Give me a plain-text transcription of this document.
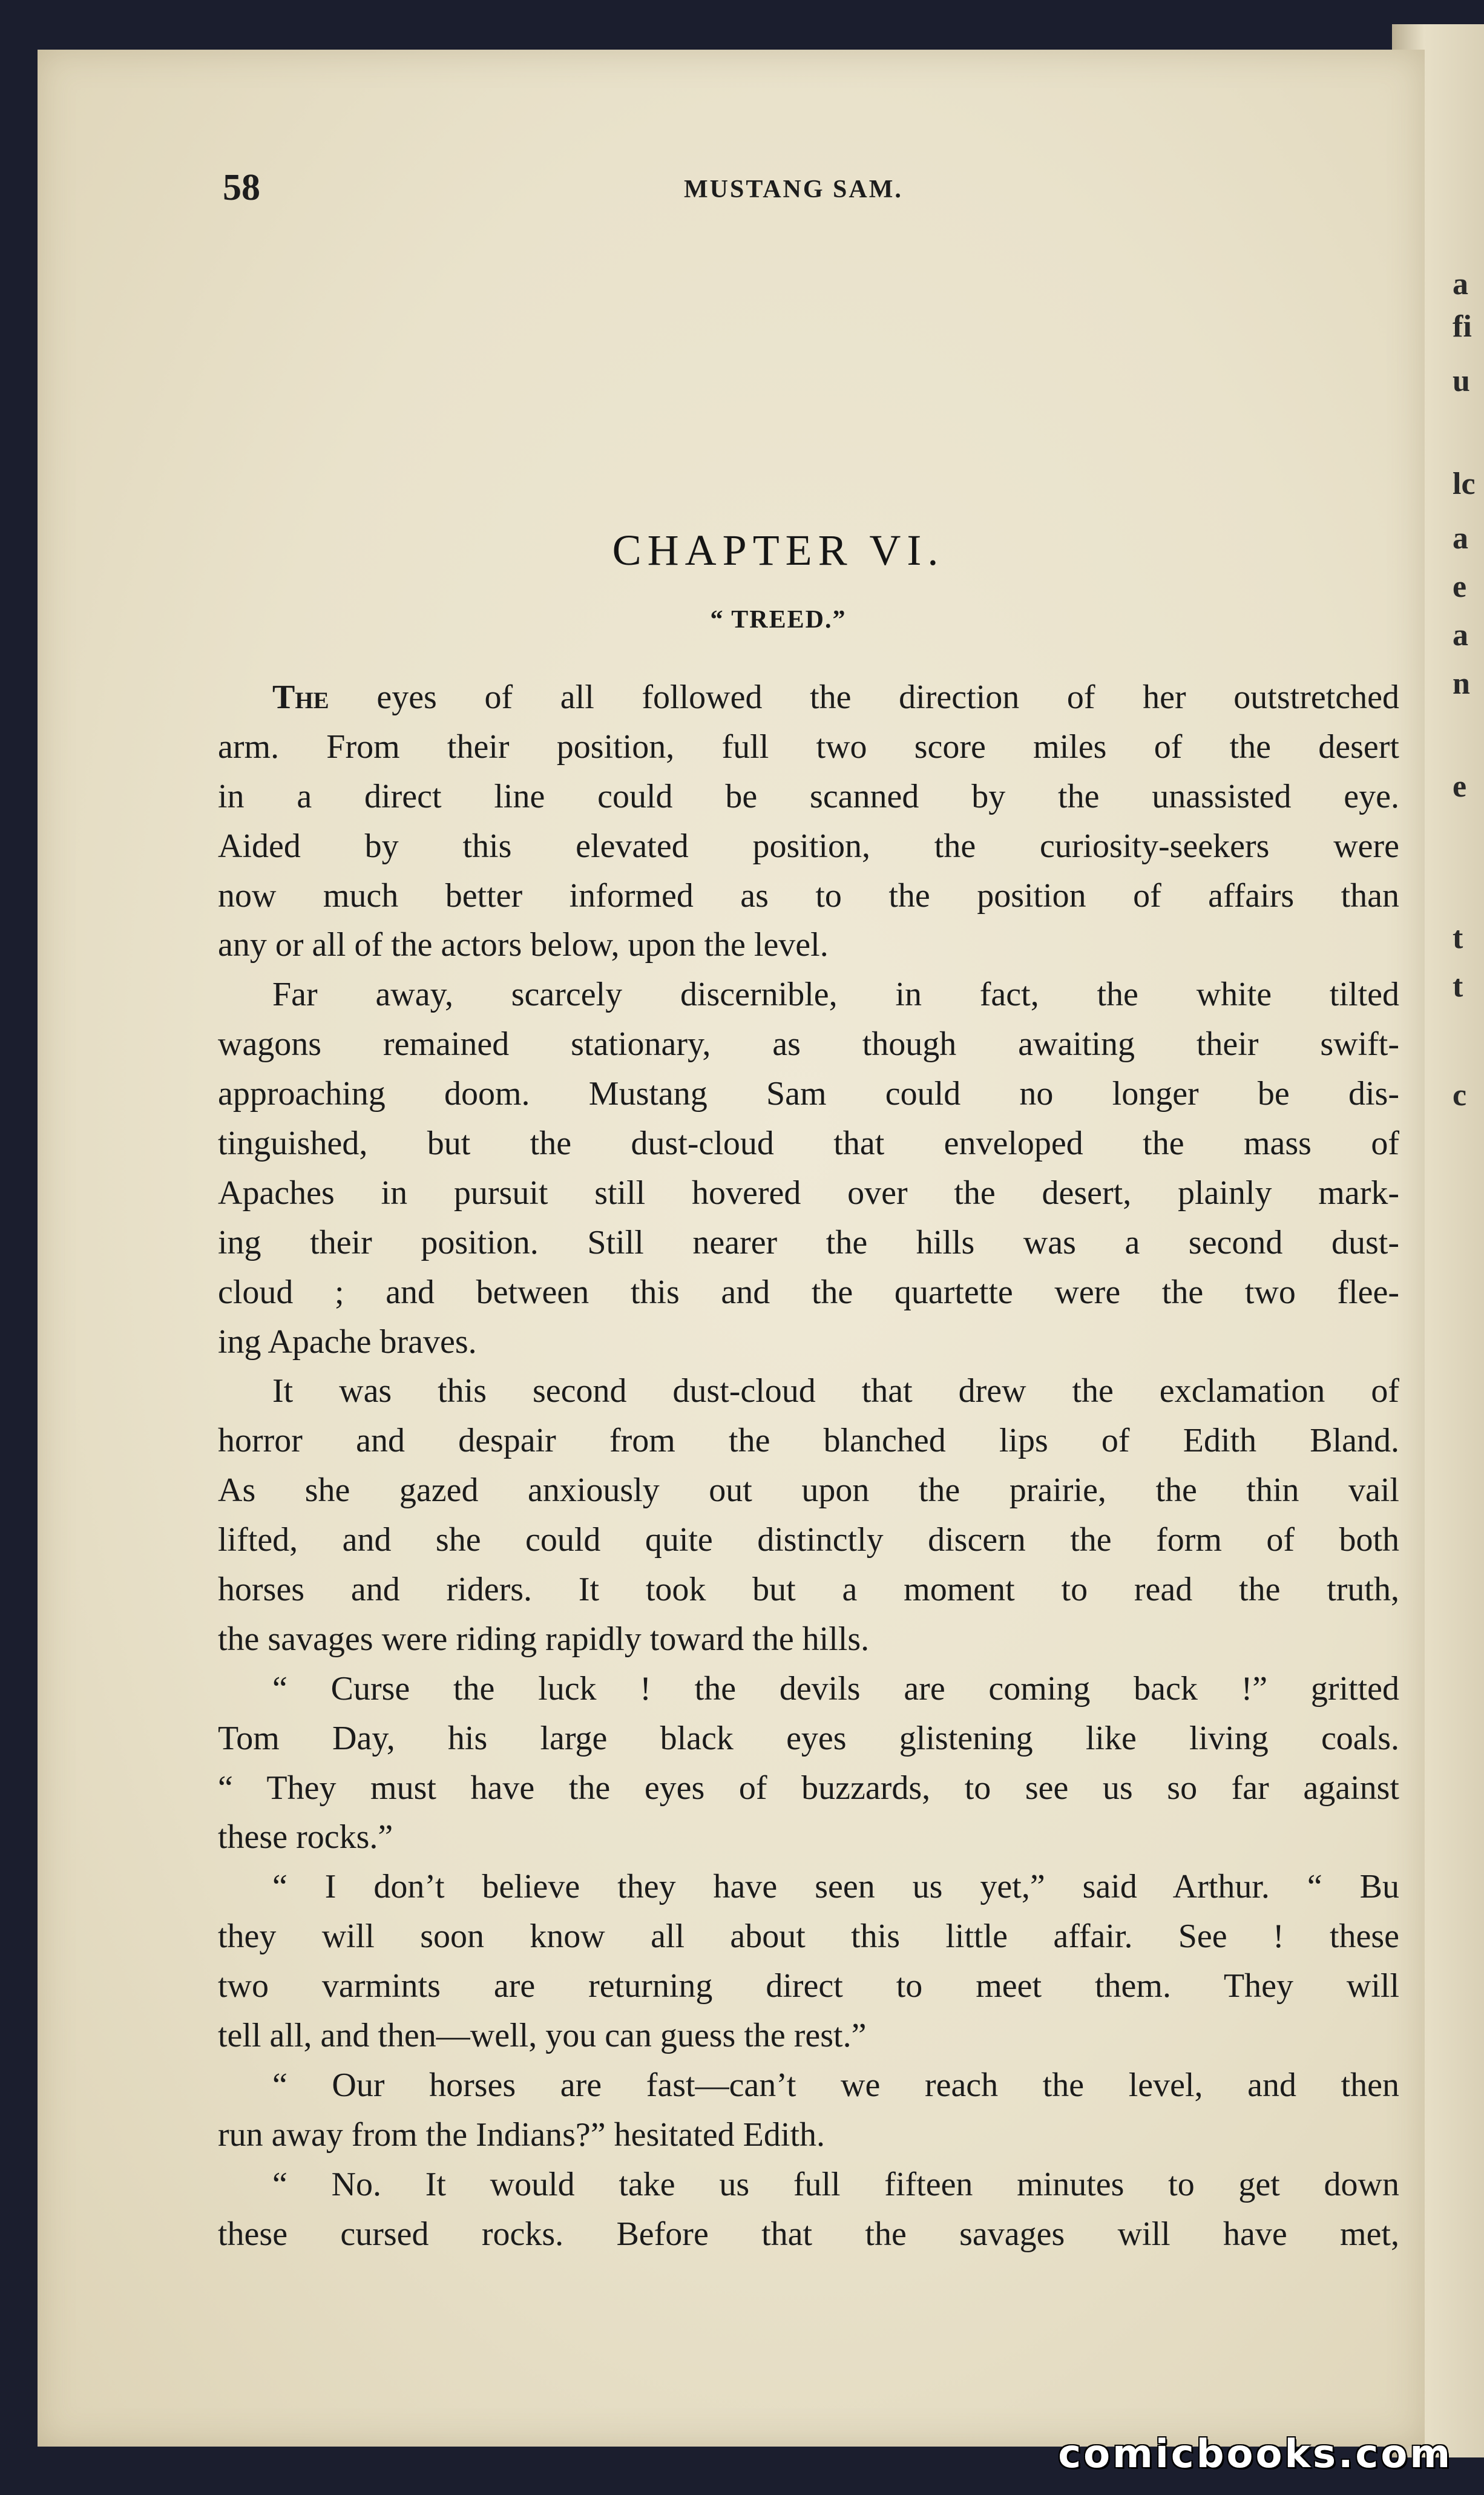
a
fi
u
lc
a
e
a
n
e
t
t
c
58	MUSTANG SAM.
CHAPTER VI.
“ TREED.”
The eyes of all followed the direction of her outstretched
arm. From their position, full two score miles of the desert
in a direct line could be scanned by the unassisted eye.
Aided by this elevated position, the curiosity-seekers were
now much better informed as to the position of affairs than
any or all of the actors below, upon the level.
Far away, scarcely discernible, in fact, the white tilted
wagons remained stationary, as though awaiting their swift-
approaching doom. Mustang Sam could no longer be dis-
tinguished, but the dust-cloud that enveloped the mass of
Apaches in pursuit still hovered over the desert, plainly mark-
ing their position. Still nearer the hills was a second dust-
cloud ; and between this and the quartette were the two flee-
ing Apache braves.
It was this second dust-cloud that drew the exclamation of
horror and despair from the blanched lips of Edith Bland.
As she gazed anxiously out upon the prairie, the thin vail
lifted, and she could quite distinctly discern the form of both
horses and riders. It took but a moment to read the truth,
the savages were riding rapidly toward the hills.
“ Curse the luck ! the devils are coming back !” gritted
Tom Day, his large black eyes glistening like living coals.
“ They must have the eyes of buzzards, to see us so far against
these rocks.”
“ I don’t believe they have seen us yet,” said Arthur. “ Bu
they will soon know all about this little affair. See ! these
two varmints are returning direct to meet them. They will
tell all, and then—well, you can guess the rest.”
“ Our horses are fast—can’t we reach the level, and then
run away from the Indians?” hesitated Edith.
“ No. It would take us full fifteen minutes to get down
these cursed rocks. Before that the savages will have met,
comicbooks.com
